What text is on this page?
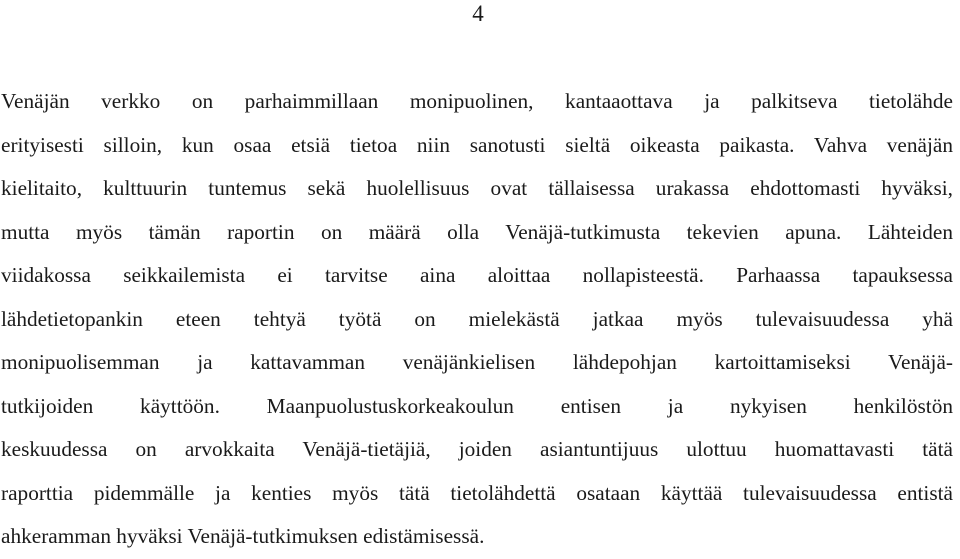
4
Venäjän verkko on parhaimmillaan monipuolinen, kantaaottava ja palkitseva tietolähde
erityisesti silloin, kun osaa etsiä tietoa niin sanotusti sieltä oikeasta paikasta. Vahva venäjän
kielitaito, kulttuurin tuntemus sekä huolellisuus ovat tällaisessa urakassa ehdottomasti hyväksi,
mutta myös tämän raportin on määrä olla Venäjä-tutkimusta tekevien apuna. Lähteiden
viidakossa seikkailemista ei tarvitse aina aloittaa nollapisteestä. Parhaassa tapauksessa
lähdetietopankin eteen tehtyä työtä on mielekästä jatkaa myös tulevaisuudessa yhä
monipuolisemman ja kattavamman venäjänkielisen lähdepohjan kartoittamiseksi Venäjä-
tutkijoiden käyttöön. Maanpuolustuskorkeakoulun entisen ja nykyisen henkilöstön
keskuudessa on arvokkaita Venäjä-tietäjiä, joiden asiantuntijuus ulottuu huomattavasti tätä
raporttia pidemmälle ja kenties myös tätä tietolähdettä osataan käyttää tulevaisuudessa entistä
ahkeramman hyväksi Venäjä-tutkimuksen edistämisessä.
